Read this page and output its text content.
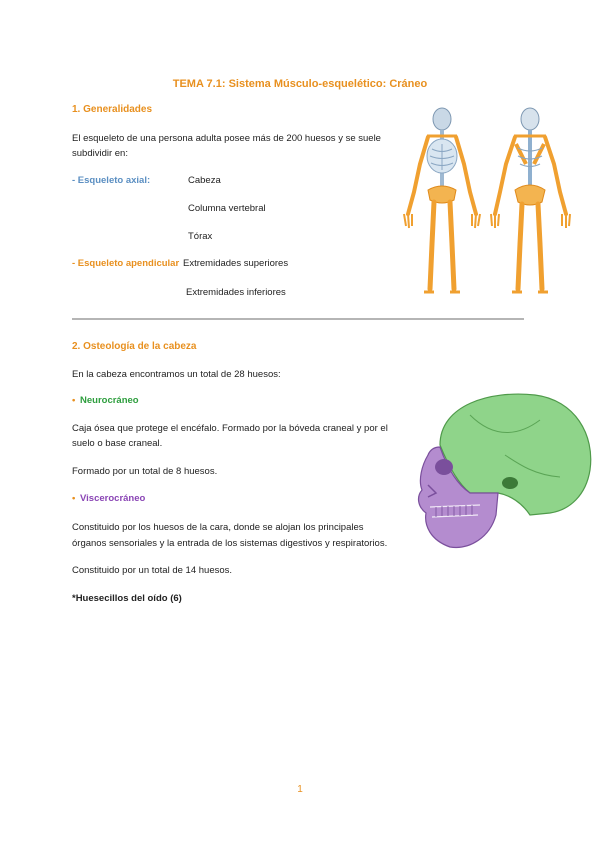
TEMA 7.1: Sistema Músculo-esquelético: Cráneo
1. Generalidades
El esqueleto de una persona adulta posee más de 200 huesos y se suele
subdividir en:
- Esqueleto axial:	Cabeza
Columna vertebral
Tórax
- Esqueleto apendicular Extremidades superiores
Extremidades inferiores
2. Osteología de la cabeza
En la cabeza encontramos un total de 28 huesos:
• Neurocráneo
Caja ósea que protege el encéfalo. Formado por la bóveda craneal y por el
suelo o base craneal.
Formado por un total de 8 huesos.
• Viscerocráneo
Constituido por los huesos de la cara, donde se alojan los principales
órganos sensoriales y la entrada de los sistemas digestivos y respiratorios.
Constituido por un total de 14 huesos.
*Huesecillos del oído (6)
1
